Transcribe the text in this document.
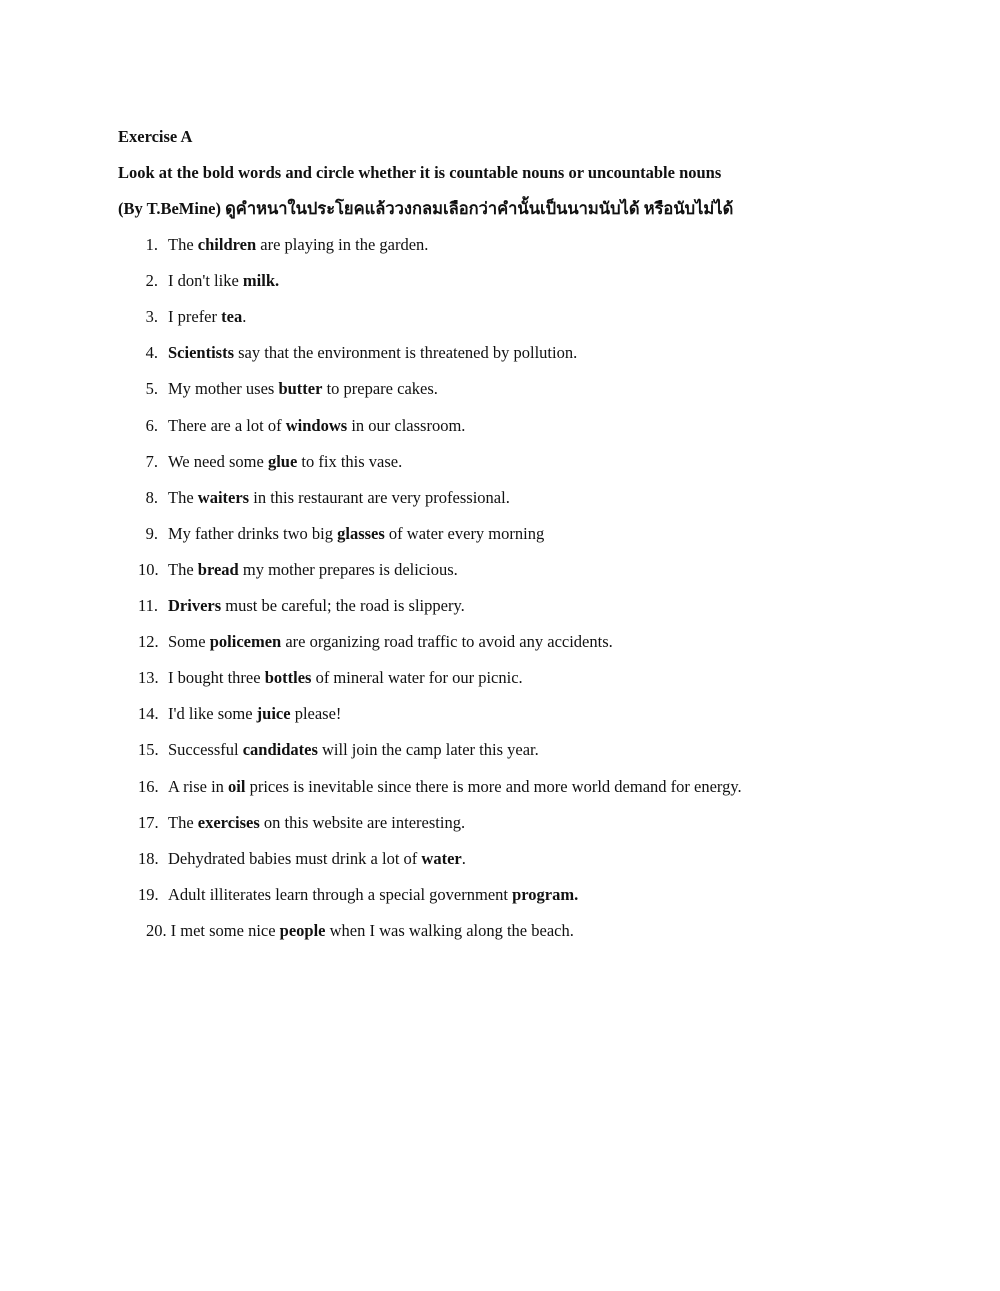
Exercise A
Look at the bold words and circle whether it is countable nouns or uncountable nouns
(By T.BeMine) ดูคำหนาในประโยคแล้ววงกลมเลือกว่าคำนั้นเป็นนามนับได้ หรือนับไม่ได้
1. The children are playing in the garden.
2. I don't like milk.
3. I prefer tea.
4. Scientists say that the environment is threatened by pollution.
5. My mother uses butter to prepare cakes.
6. There are a lot of windows in our classroom.
7. We need some glue to fix this vase.
8. The waiters in this restaurant are very professional.
9. My father drinks two big glasses of water every morning
10. The bread my mother prepares is delicious.
11. Drivers must be careful; the road is slippery.
12. Some policemen are organizing road traffic to avoid any accidents.
13. I bought three bottles of mineral water for our picnic.
14. I'd like some juice please!
15. Successful candidates will join the camp later this year.
16. A rise in oil prices is inevitable since there is more and more world demand for energy.
17. The exercises on this website are interesting.
18. Dehydrated babies must drink a lot of water.
19. Adult illiterates learn through a special government program.
20. I met some nice people when I was walking along the beach.
